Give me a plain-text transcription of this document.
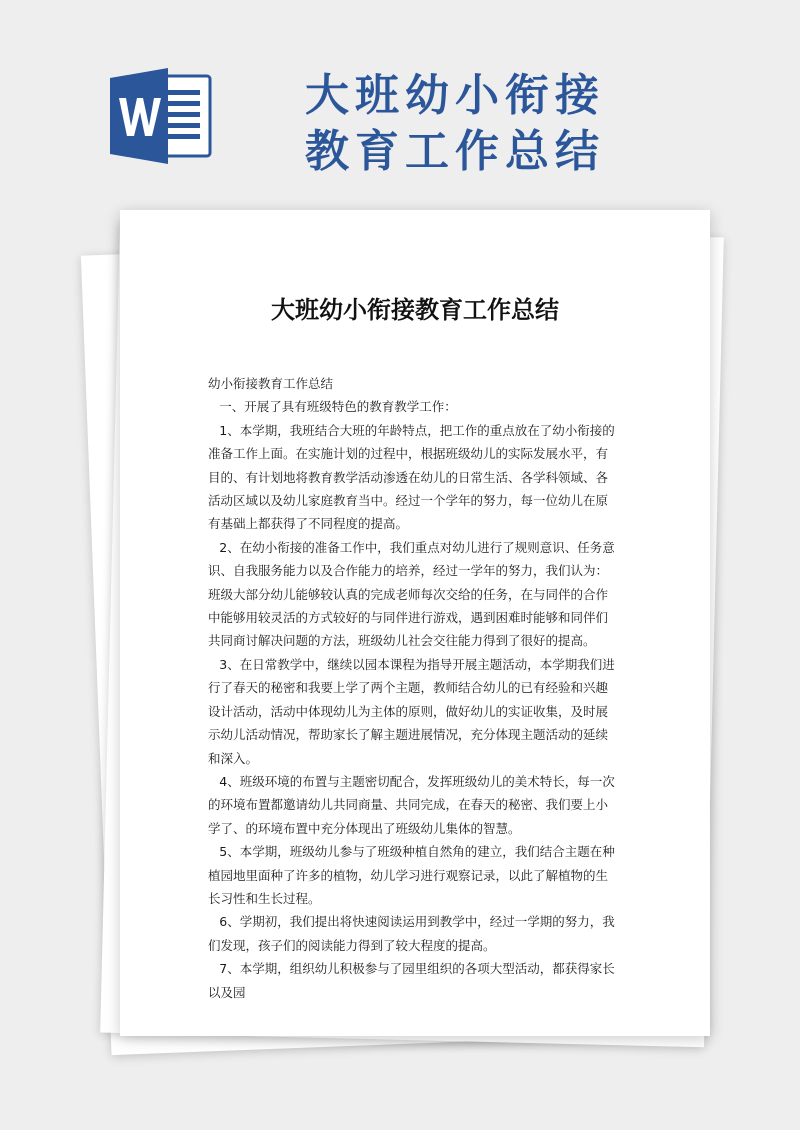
大班幼小衔接
教育工作总结
大班幼小衔接教育工作总结

幼小衔接教育工作总结

一、开展了具有班级特色的教育教学工作：

1、本学期，我班结合大班的年龄特点，把工作的重点放在了幼小衔接的准备工作上面。在实施计划的过程中，根据班级幼儿的实际发展水平，有目的、有计划地将教育教学活动渗透在幼儿的日常生活、各学科领域、各活动区域以及幼儿家庭教育当中。经过一个学年的努力，每一位幼儿在原有基础上都获得了不同程度的提高。

2、在幼小衔接的准备工作中，我们重点对幼儿进行了规则意识、任务意识、自我服务能力以及合作能力的培养，经过一学年的努力，我们认为：班级大部分幼儿能够较认真的完成老师每次交给的任务，在与同伴的合作中能够用较灵活的方式较好的与同伴进行游戏，遇到困难时能够和同伴们共同商讨解决问题的方法，班级幼儿社会交往能力得到了很好的提高。

3、在日常教学中，继续以园本课程为指导开展主题活动，本学期我们进行了春天的秘密和我要上学了两个主题，教师结合幼儿的已有经验和兴趣设计活动，活动中体现幼儿为主体的原则，做好幼儿的实证收集，及时展示幼儿活动情况，帮助家长了解主题进展情况，充分体现主题活动的延续和深入。

4、班级环境的布置与主题密切配合，发挥班级幼儿的美术特长，每一次的环境布置都邀请幼儿共同商量、共同完成，在春天的秘密、我们要上小学了、的环境布置中充分体现出了班级幼儿集体的智慧。

5、本学期，班级幼儿参与了班级种植自然角的建立，我们结合主题在种植园地里面种了许多的植物，幼儿学习进行观察记录，以此了解植物的生长习性和生长过程。

6、学期初，我们提出将快速阅读运用到教学中，经过一学期的努力，我们发现，孩子们的阅读能力得到了较大程度的提高。

7、本学期，组织幼儿积极参与了园里组织的各项大型活动，都获得家长以及园
